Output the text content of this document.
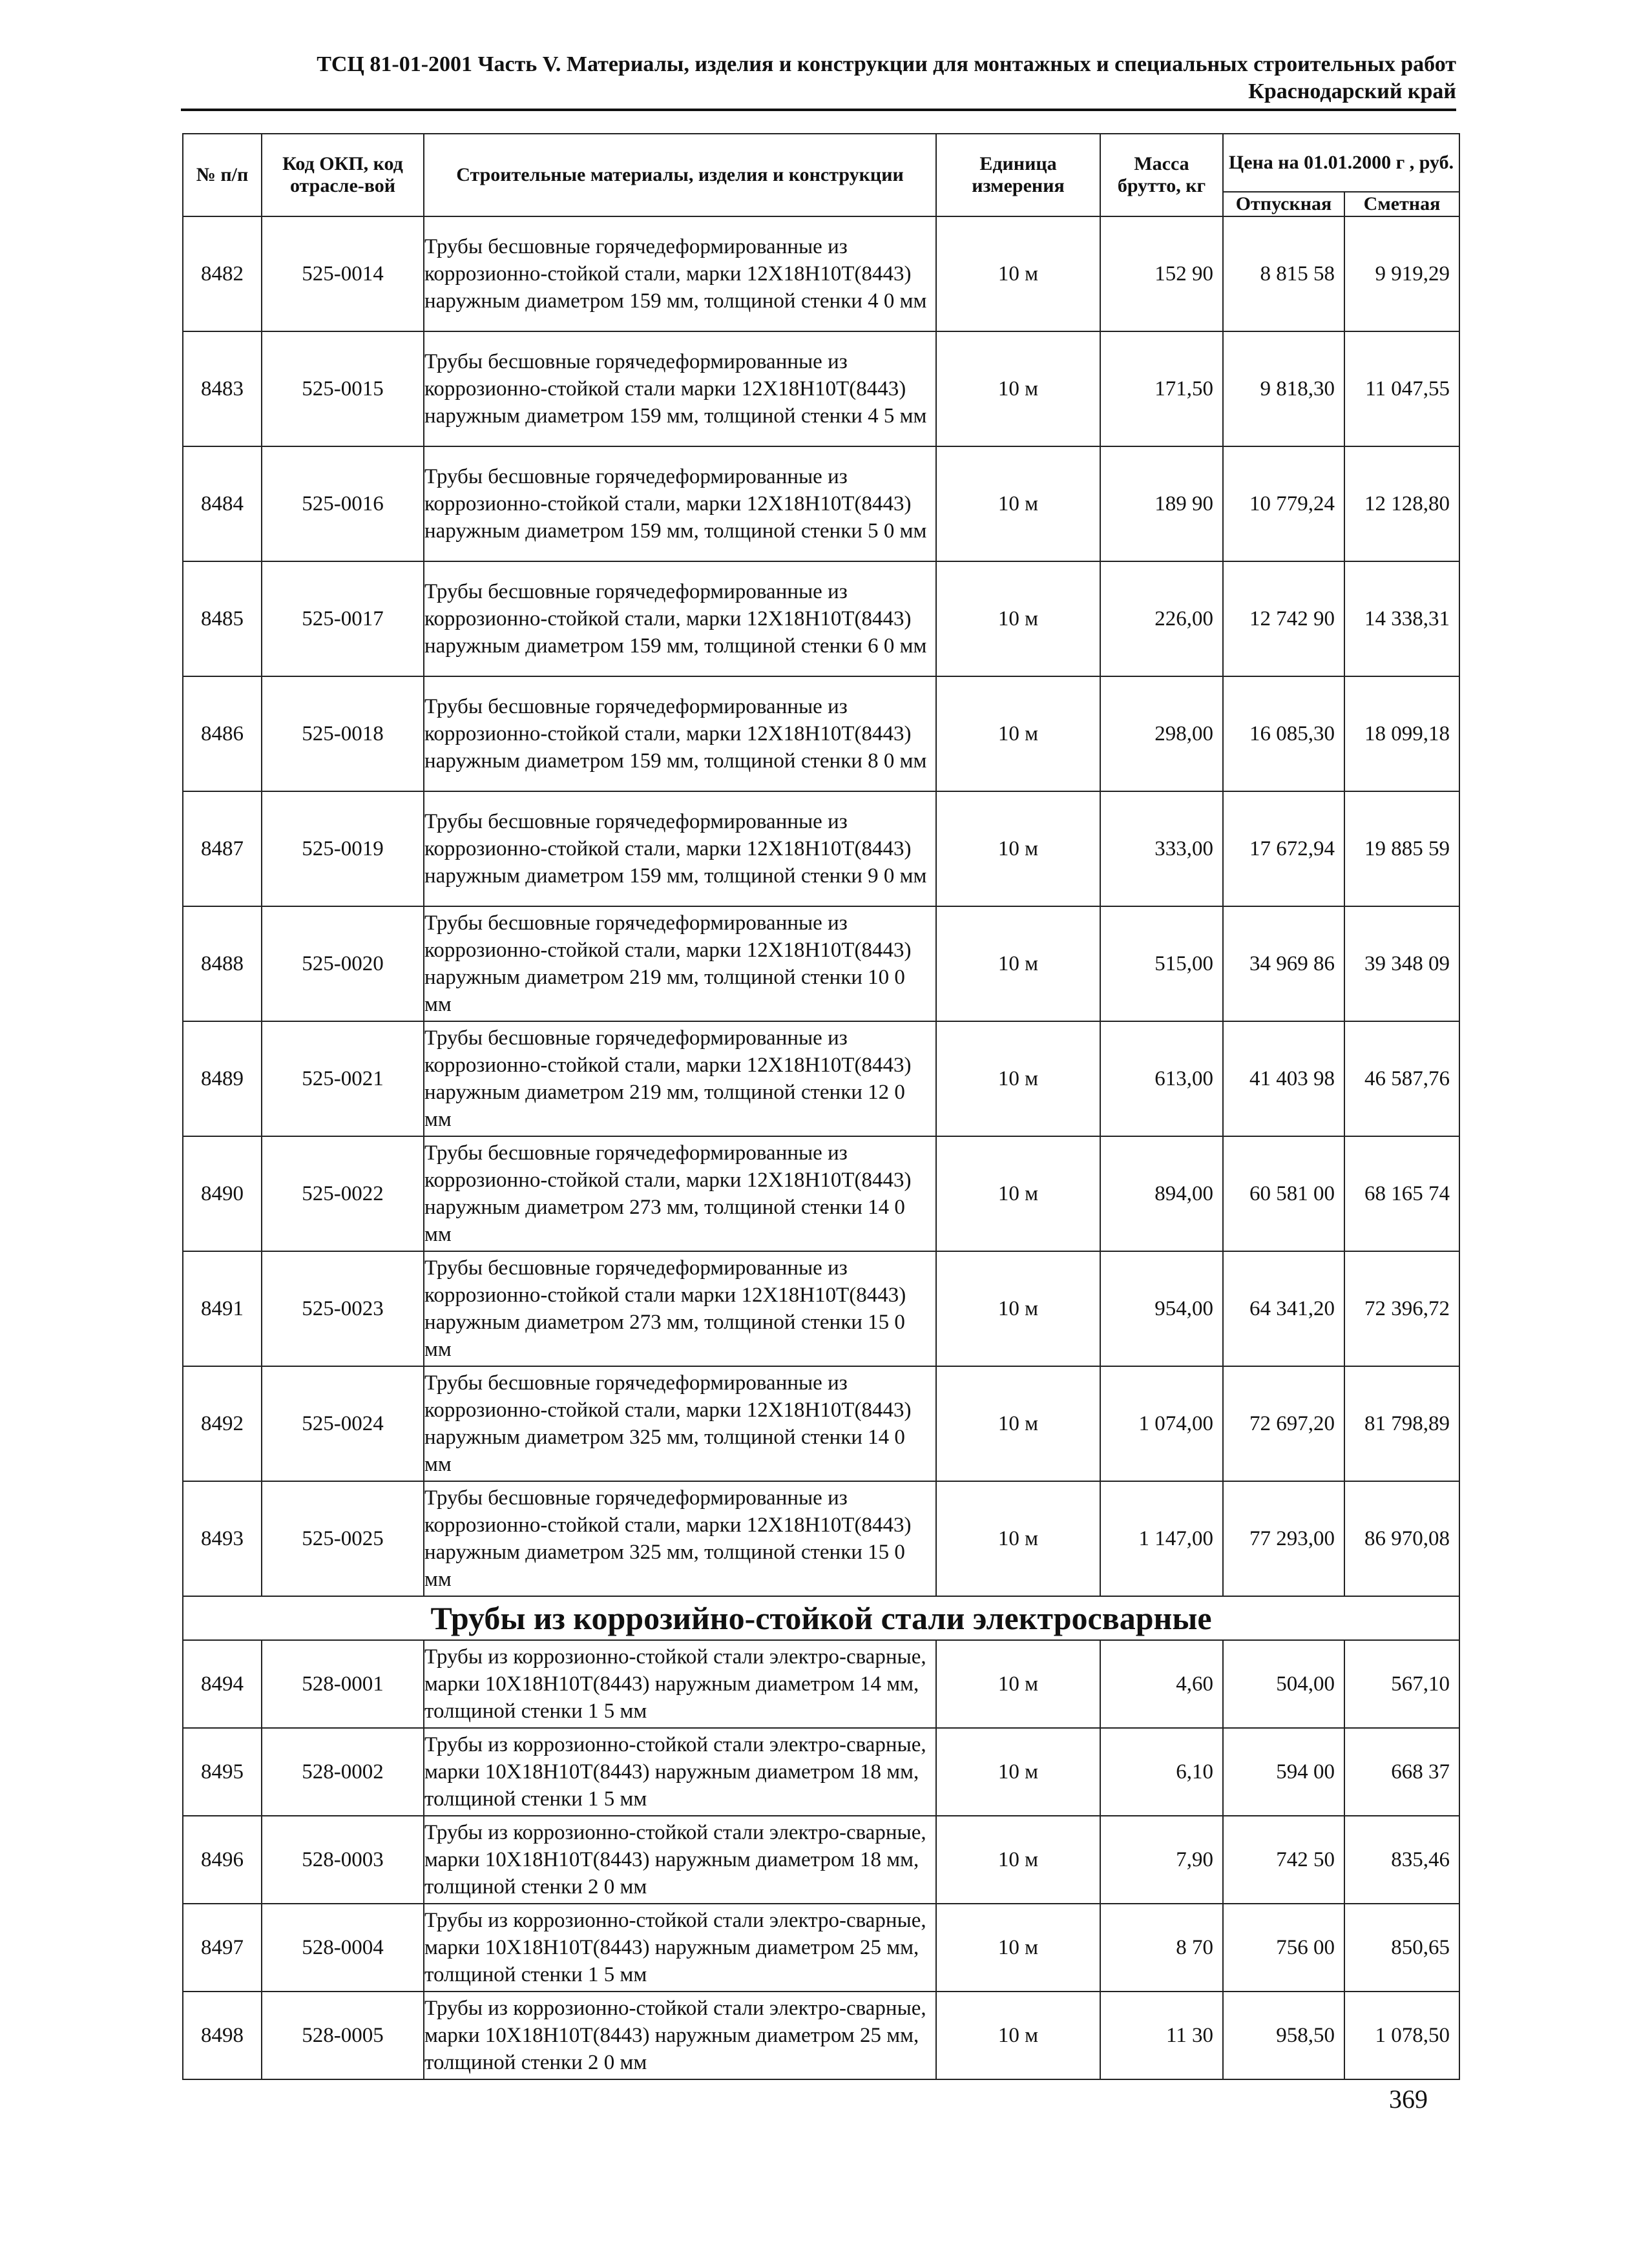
ТСЦ 81-01-2001 Часть V. Материалы, изделия и конструкции для монтажных и специальных строительных работ
Краснодарский край
№ п/п	Код ОКП, код отрасле-вой	Строительные материалы, изделия и конструкции	Единица измерения	Масса брутто, кг	Цена на 01.01.2000 г , руб.	
					Отпускная	Сметная
8482	525-0014	Трубы бесшовные горячедеформированные из коррозионно-стойкой стали, марки 12Х18Н10Т(8443) наружным диаметром 159 мм, толщиной стенки 4 0 мм	10 м	152 90	8 815 58	9 919,29
8483	525-0015	Трубы бесшовные горячедеформированные из коррозионно-стойкой стали марки 12Х18Н10Т(8443) наружным диаметром 159 мм, толщиной стенки 4 5 мм	10 м	171,50	9 818,30	11 047,55
8484	525-0016	Трубы бесшовные горячедеформированные из коррозионно-стойкой стали, марки 12Х18Н10Т(8443) наружным диаметром 159 мм, толщиной стенки 5 0 мм	10 м	189 90	10 779,24	12 128,80
8485	525-0017	Трубы бесшовные горячедеформированные из коррозионно-стойкой стали, марки 12Х18Н10Т(8443) наружным диаметром 159 мм, толщиной стенки 6 0 мм	10 м	226,00	12 742 90	14 338,31
8486	525-0018	Трубы бесшовные горячедеформированные из коррозионно-стойкой стали, марки 12Х18Н10Т(8443) наружным диаметром 159 мм, толщиной стенки 8 0 мм	10 м	298,00	16 085,30	18 099,18
8487	525-0019	Трубы бесшовные горячедеформированные из коррозионно-стойкой стали, марки 12Х18Н10Т(8443) наружным диаметром 159 мм, толщиной стенки 9 0 мм	10 м	333,00	17 672,94	19 885 59
8488	525-0020	Трубы бесшовные горячедеформированные из коррозионно-стойкой стали, марки 12Х18Н10Т(8443) наружным диаметром 219 мм, толщиной стенки 10 0 мм	10 м	515,00	34 969 86	39 348 09
8489	525-0021	Трубы бесшовные горячедеформированные из коррозионно-стойкой стали, марки 12Х18Н10Т(8443) наружным диаметром 219 мм, толщиной стенки 12 0 мм	10 м	613,00	41 403 98	46 587,76
8490	525-0022	Трубы бесшовные горячедеформированные из коррозионно-стойкой стали, марки 12Х18Н10Т(8443) наружным диаметром 273 мм, толщиной стенки 14 0 мм	10 м	894,00	60 581 00	68 165 74
8491	525-0023	Трубы бесшовные горячедеформированные из коррозионно-стойкой стали марки 12Х18Н10Т(8443) наружным диаметром 273 мм, толщиной стенки 15 0 мм	10 м	954,00	64 341,20	72 396,72
8492	525-0024	Трубы бесшовные горячедеформированные из коррозионно-стойкой стали, марки 12Х18Н10Т(8443) наружным диаметром 325 мм, толщиной стенки 14 0 мм	10 м	1 074,00	72 697,20	81 798,89
8493	525-0025	Трубы бесшовные горячедеформированные из коррозионно-стойкой стали, марки 12Х18Н10Т(8443) наружным диаметром 325 мм, толщиной стенки 15 0 мм	10 м	1 147,00	77 293,00	86 970,08
Трубы из коррозийно-стойкой стали электросварные						
8494	528-0001	Трубы из коррозионно-стойкой стали электро-сварные, марки 10Х18Н10Т(8443) наружным диаметром 14 мм, толщиной стенки 1 5 мм	10 м	4,60	504,00	567,10
8495	528-0002	Трубы из коррозионно-стойкой стали электро-сварные, марки 10Х18Н10Т(8443) наружным диаметром 18 мм, толщиной стенки 1 5 мм	10 м	6,10	594 00	668 37
8496	528-0003	Трубы из коррозионно-стойкой стали электро-сварные, марки 10Х18Н10Т(8443) наружным диаметром 18 мм, толщиной стенки 2 0 мм	10 м	7,90	742 50	835,46
8497	528-0004	Трубы из коррозионно-стойкой стали электро-сварные, марки 10Х18Н10Т(8443) наружным диаметром 25 мм, толщиной стенки 1 5 мм	10 м	8 70	756 00	850,65
8498	528-0005	Трубы из коррозионно-стойкой стали электро-сварные, марки 10Х18Н10Т(8443) наружным диаметром 25 мм, толщиной стенки 2 0 мм	10 м	11 30	958,50	1 078,50
369
